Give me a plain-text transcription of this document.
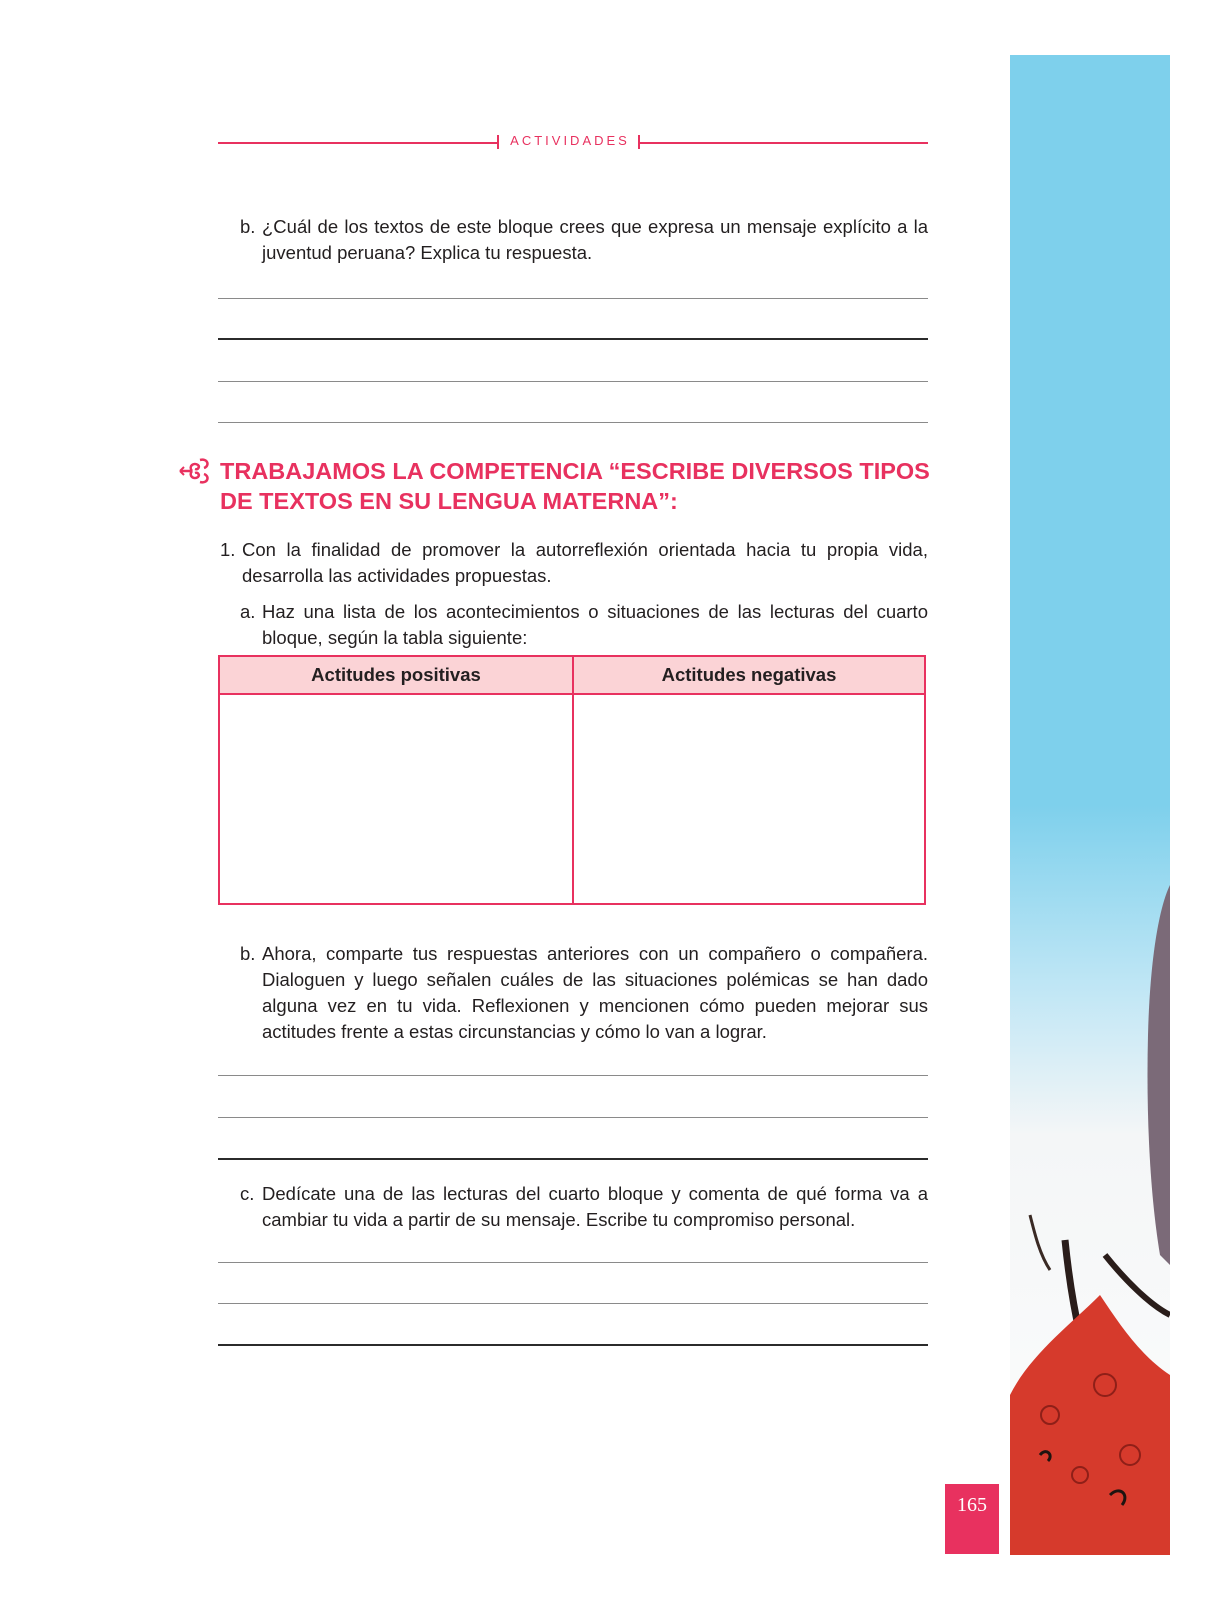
ACTIVIDADES
b. ¿Cuál de los textos de este bloque crees que expresa un mensaje explícito a la juventud peruana? Explica tu respuesta.
TRABAJAMOS LA COMPETENCIA “ESCRIBE DIVERSOS TIPOS DE TEXTOS EN SU LENGUA MATERNA”:
1. Con la finalidad de promover la autorreflexión orientada hacia tu propia vida, desarrolla las actividades propuestas.
a. Haz una lista de los acontecimientos o situaciones de las lecturas del cuarto bloque, según la tabla siguiente:
Actitudes positivas	Actitudes negativas
b. Ahora, comparte tus respuestas anteriores con un compañero o compañera. Dialoguen y luego señalen cuáles de las situaciones polémicas se han dado alguna vez en tu vida. Reflexionen y mencionen cómo pueden mejorar sus actitudes frente a estas circunstancias y cómo lo van a lograr.
c. Dedícate una de las lecturas del cuarto bloque y comenta de qué forma va a cambiar tu vida a partir de su mensaje. Escribe tu compromiso personal.
165
